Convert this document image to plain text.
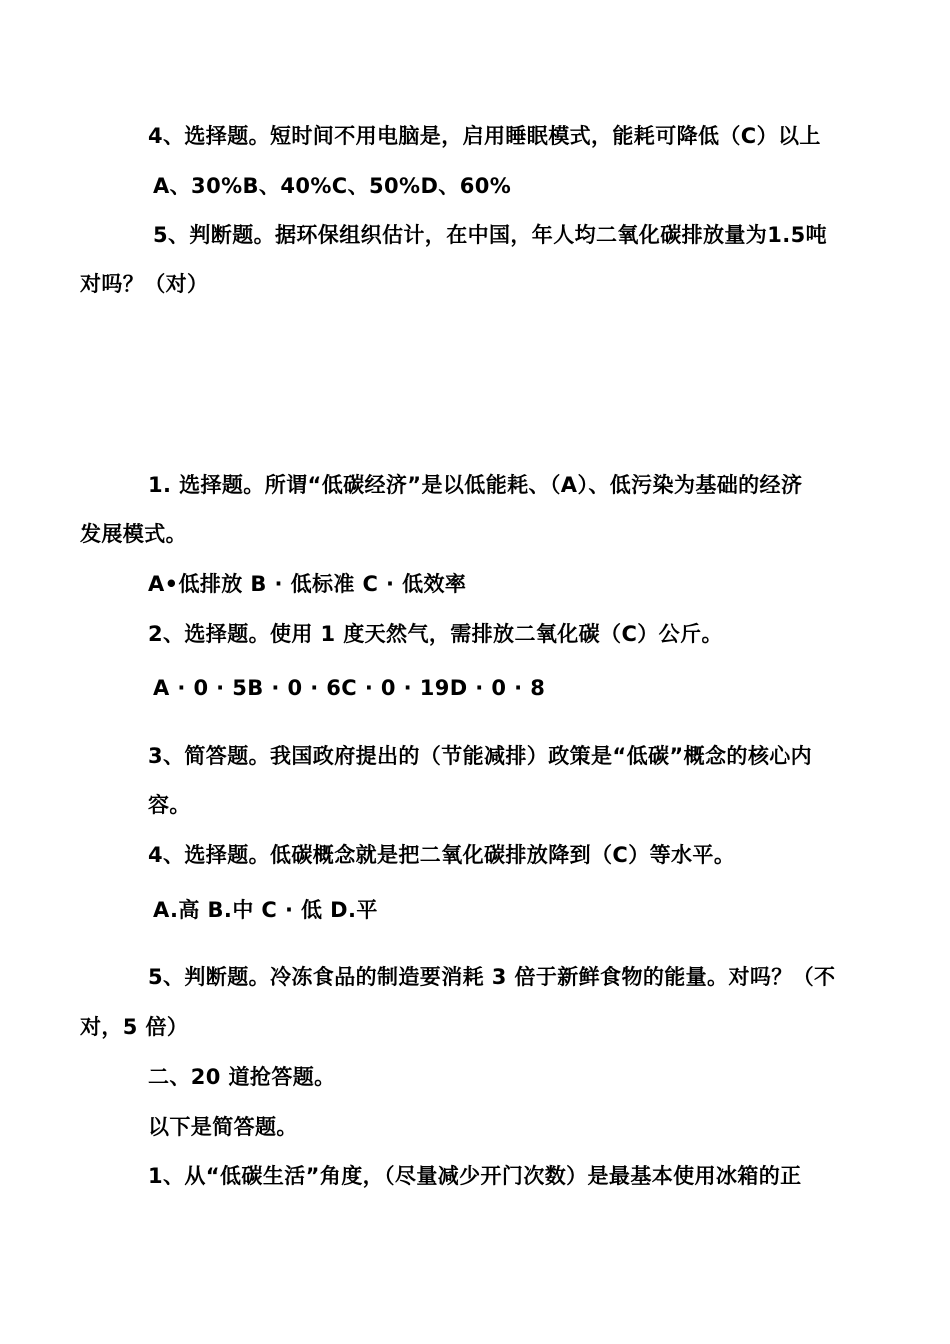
4、选择题。短时间不用电脑是，启用睡眠模式，能耗可降低（C）以上
A、30%B、40%C、50%D、60%
5、判断题。据环保组织估计，在中国，年人均二氧化碳排放量为1.5吨
对吗？（对）
1. 选择题。所谓“低碳经济”是以低能耗、（A）、低污染为基础的经济
发展模式。
A•低排放 B · 低标准 C · 低效率
2、选择题。使用 1 度天然气，需排放二氧化碳（C）公斤。
A · 0 · 5B · 0 · 6C · 0 · 19D · 0 · 8
3、简答题。我国政府提出的（节能减排）政策是“低碳”概念的核心内
容。
4、选择题。低碳概念就是把二氧化碳排放降到（C）等水平。
A.高 B.中 C · 低 D.平
5、判断题。冷冻食品的制造要消耗 3 倍于新鲜食物的能量。对吗？（不
对，5 倍）
二、20 道抢答题。
以下是简答题。
1、从“低碳生活”角度，（尽量减少开门次数）是最基本使用冰箱的正
